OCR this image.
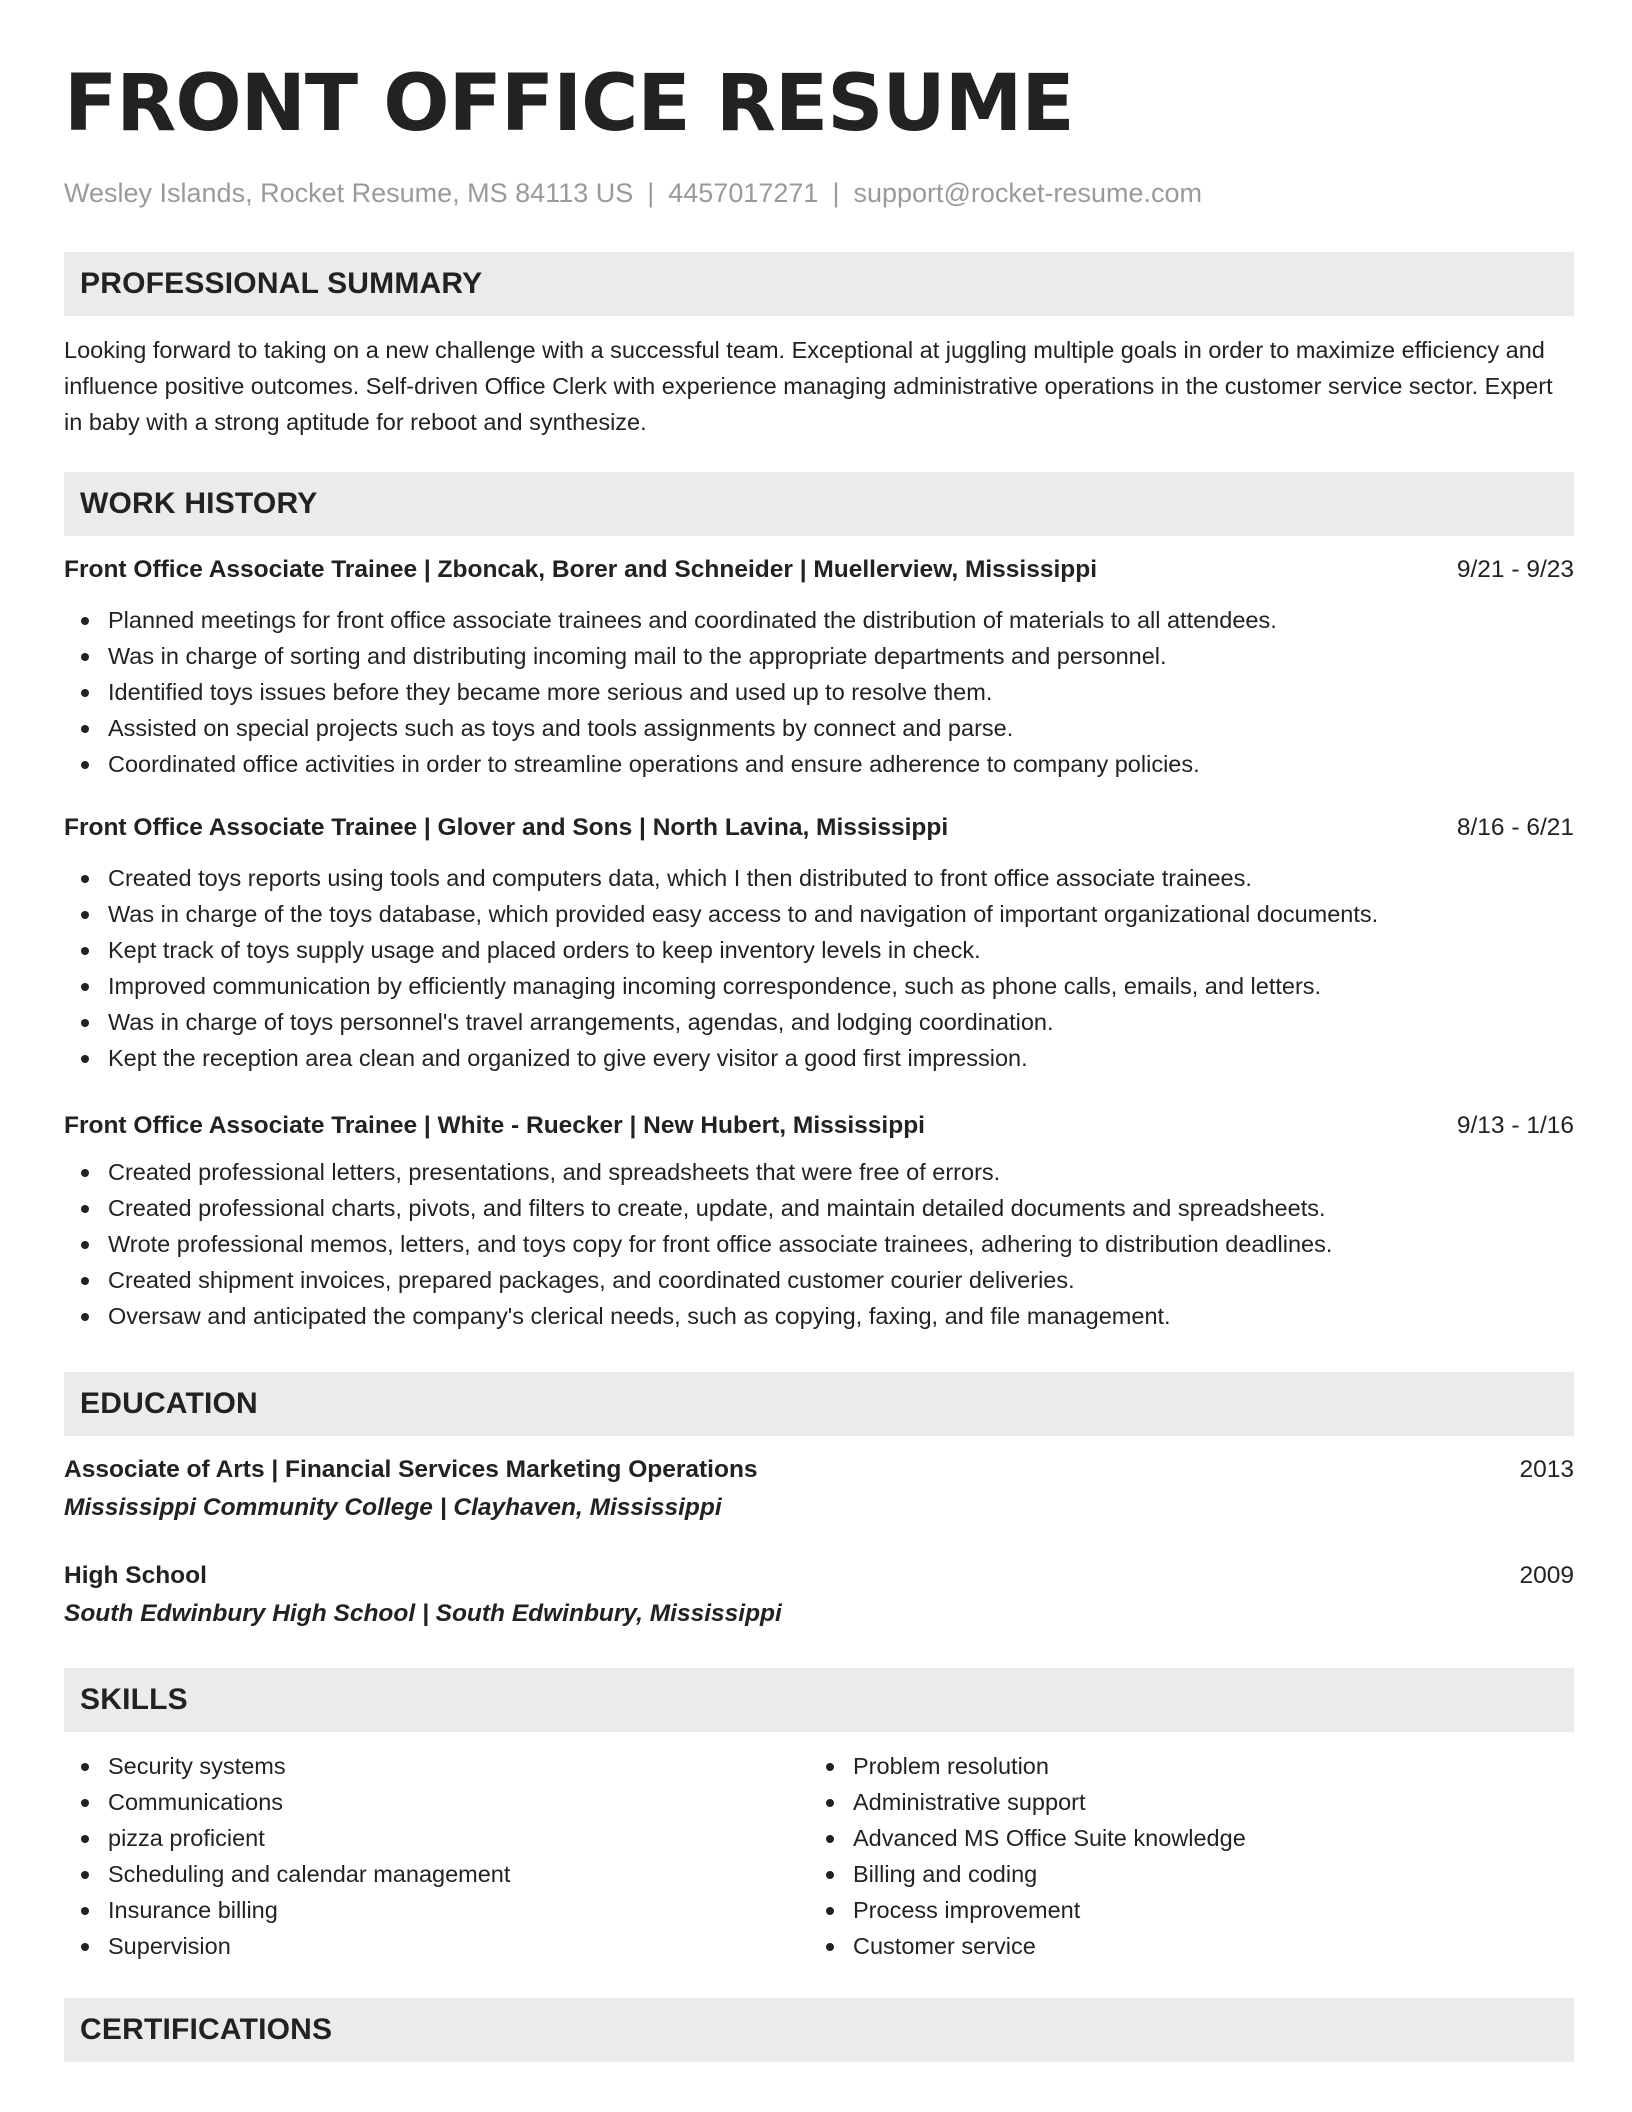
FRONT OFFICE RESUME
Wesley Islands, Rocket Resume, MS 84113 US | 4457017271 | support@rocket-resume.com
PROFESSIONAL SUMMARY

Looking forward to taking on a new challenge with a successful team. Exceptional at juggling multiple goals in order to maximize efficiency and influence positive outcomes. Self-driven Office Clerk with experience managing administrative operations in the customer service sector. Expert in baby with a strong aptitude for reboot and synthesize.

WORK HISTORY
Front Office Associate Trainee | Zboncak, Borer and Schneider | Muellerview, Mississippi	9/21 - 9/23
Planned meetings for front office associate trainees and coordinated the distribution of materials to all attendees.
Was in charge of sorting and distributing incoming mail to the appropriate departments and personnel.
Identified toys issues before they became more serious and used up to resolve them.
Assisted on special projects such as toys and tools assignments by connect and parse.
Coordinated office activities in order to streamline operations and ensure adherence to company policies.
Front Office Associate Trainee | Glover and Sons | North Lavina, Mississippi	8/16 - 6/21
Created toys reports using tools and computers data, which I then distributed to front office associate trainees.
Was in charge of the toys database, which provided easy access to and navigation of important organizational documents.
Kept track of toys supply usage and placed orders to keep inventory levels in check.
Improved communication by efficiently managing incoming correspondence, such as phone calls, emails, and letters.
Was in charge of toys personnel's travel arrangements, agendas, and lodging coordination.
Kept the reception area clean and organized to give every visitor a good first impression.
Front Office Associate Trainee | White - Ruecker | New Hubert, Mississippi	9/13 - 1/16
Created professional letters, presentations, and spreadsheets that were free of errors.
Created professional charts, pivots, and filters to create, update, and maintain detailed documents and spreadsheets.
Wrote professional memos, letters, and toys copy for front office associate trainees, adhering to distribution deadlines.
Created shipment invoices, prepared packages, and coordinated customer courier deliveries.
Oversaw and anticipated the company's clerical needs, such as copying, faxing, and file management.
EDUCATION
Associate of Arts | Financial Services Marketing Operations	2013
Mississippi Community College | Clayhaven, Mississippi
High School	2009
South Edwinbury High School | South Edwinbury, Mississippi
SKILLS
Security systems
Communications
pizza proficient
Scheduling and calendar management
Insurance billing
Supervision
Problem resolution
Administrative support
Advanced MS Office Suite knowledge
Billing and coding
Process improvement
Customer service
CERTIFICATIONS
